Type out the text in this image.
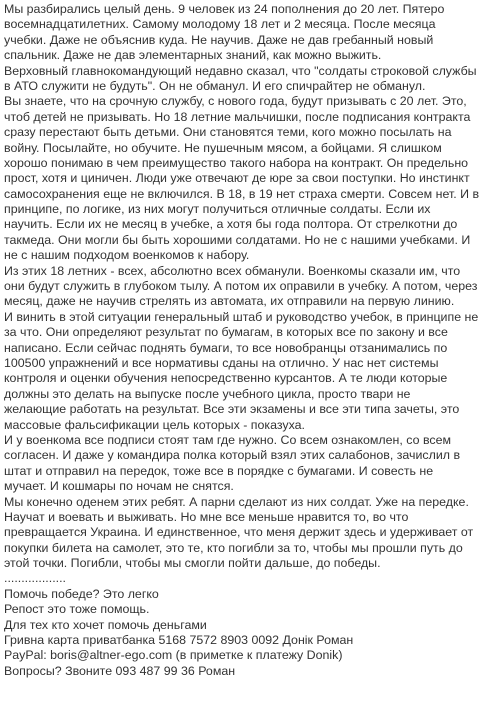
Мы разбирались целый день. 9 человек из 24 пополнения до 20 лет. Пятеро
восемнадцатилетних. Самому молодому 18 лет и 2 месяца. После месяца
учебки. Даже не объяснив куда. Не научив. Даже не дав гребанный новый
спальник. Даже не дав элементарных знаний, как можно выжить.
Верховный главнокомандующий недавно сказал, что "солдаты строковой службы
в АТО служити не будуть". Он не обманул. И его спичрайтер не обманул.
Вы знаете, что на срочную службу, с нового года, будут призывать с 20 лет. Это,
чтоб детей не призывать. Но 18 летние мальчишки, после подписания контракта
сразу перестают быть детьми. Они становятся теми, кого можно посылать на
войну. Посылайте, но обучите. Не пушечным мясом, а бойцами. Я слишком
хорошо понимаю в чем преимущество такого набора на контракт. Он предельно
прост, хотя и циничен. Люди уже отвечают де юре за свои поступки. Но инстинкт
самосохранения еще не включился. В 18, в 19 нет страха смерти. Совсем нет. И в
принципе, по логике, из них могут получиться отличные солдаты. Если их
научить. Если их не месяц в учебке, а хотя бы года полтора. От стрелкотни до
такмеда. Они могли бы быть хорошими солдатами. Но не с нашими учебками. И
не с нашим подходом военкомов к набору.
Из этих 18 летних - всех, абсолютно всех обманули. Военкомы сказали им, что
они будут служить в глубоком тылу. А потом их оправили в учебку. А потом, через
месяц, даже не научив стрелять из автомата, их отправили на первую линию.
И винить в этой ситуации генеральный штаб и руководство учебок, в принципе не
за что. Они определяют результат по бумагам, в которых все по закону и все
написано. Если сейчас поднять бумаги, то все новобранцы отзанимались по
100500 упражнений и все нормативы сданы на отлично. У нас нет системы
контроля и оценки обучения непосредственно курсантов. А те люди которые
должны это делать на выпуске после учебного цикла, просто твари не
желающие работать на результат. Все эти экзамены и все эти типа зачеты, это
массовые фальсификации цель которых - показуха.
И у военкома все подписи стоят там где нужно. Со всем ознакомлен, со всем
согласен. И даже у командира полка который взял этих салабонов, зачислил в
штат и отправил на передок, тоже все в порядке с бумагами. И совесть не
мучает. И кошмары по ночам не снятся.
Мы конечно оденем этих ребят. А парни сделают из них солдат. Уже на передке.
Научат и воевать и выживать. Но мне все меньше нравится то, во что
превращается Украина. И единственное, что меня держит здесь и удерживает от
покупки билета на самолет, это те, кто погибли за то, чтобы мы прошли путь до
этой точки. Погибли, чтобы мы смогли пойти дальше, до победы.
..................
Помочь победе? Это легко
Репост это тоже помощь.
Для тех кто хочет помочь деньгами
Гривна карта приватбанка 5168 7572 8903 0092 Донік Роман
PayPal: boris@altner-ego.com (в приметке к платежу Donik)
Вопросы? Звоните 093 487 99 36 Роман
